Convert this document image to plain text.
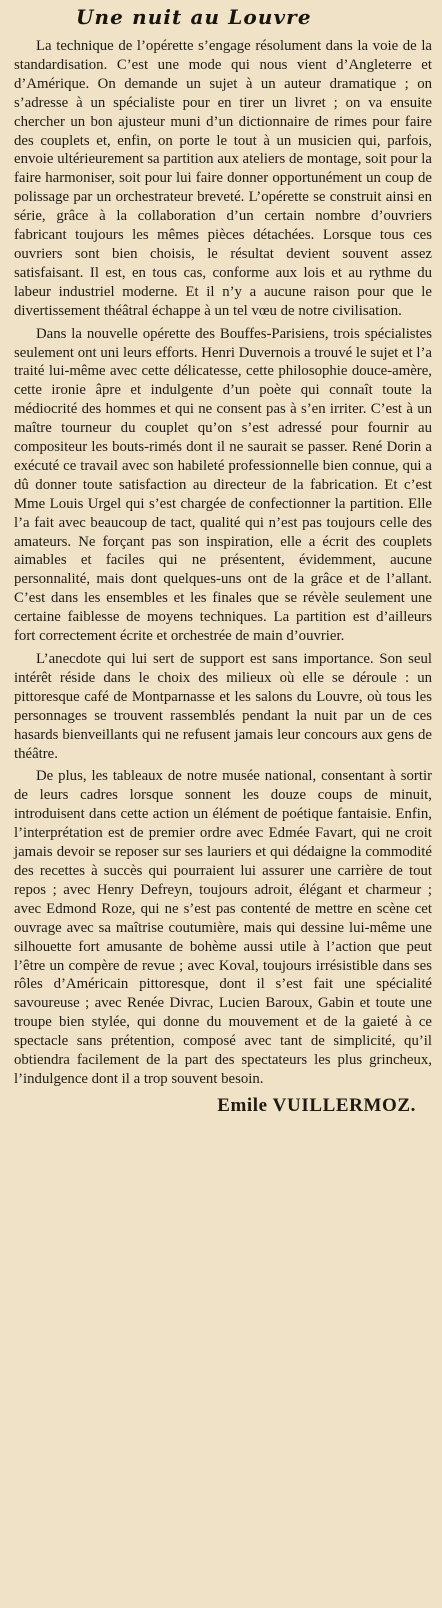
Une nuit au Louvre

La technique de l’opérette s’engage résolument dans la voie de la standardisation. C’est une mode qui nous vient d’Angleterre et d’Amérique. On demande un sujet à un auteur dramatique ; on s’adresse à un spécialiste pour en tirer un livret ; on va ensuite chercher un bon ajusteur muni d’un dictionnaire de rimes pour faire des couplets et, enfin, on porte le tout à un musicien qui, parfois, envoie ultérieurement sa partition aux ateliers de montage, soit pour la faire harmoniser, soit pour lui faire donner opportunément un coup de polissage par un orchestrateur breveté. L’opérette se construit ainsi en série, grâce à la collaboration d’un certain nombre d’ouvriers fabricant toujours les mêmes pièces détachées. Lorsque tous ces ouvriers sont bien choisis, le résultat devient souvent assez satisfaisant. Il est, en tous cas, conforme aux lois et au rythme du labeur industriel moderne. Et il n’y a aucune raison pour que le divertissement théâtral échappe à un tel vœu de notre civilisation.

Dans la nouvelle opérette des Bouffes-Parisiens, trois spécialistes seulement ont uni leurs efforts. Henri Duvernois a trouvé le sujet et l’a traité lui-même avec cette délicatesse, cette philosophie douce-amère, cette ironie âpre et indulgente d’un poète qui connaît toute la médiocrité des hommes et qui ne consent pas à s’en irriter. C’est à un maître tourneur du couplet qu’on s’est adressé pour fournir au compositeur les bouts-rimés dont il ne saurait se passer. René Dorin a exécuté ce travail avec son habileté professionnelle bien connue, qui a dû donner toute satisfaction au directeur de la fabrication. Et c’est Mme Louis Urgel qui s’est chargée de confectionner la partition. Elle l’a fait avec beaucoup de tact, qualité qui n’est pas toujours celle des amateurs. Ne forçant pas son inspiration, elle a écrit des couplets aimables et faciles qui ne présentent, évidemment, aucune personnalité, mais dont quelques-uns ont de la grâce et de l’allant. C’est dans les ensembles et les finales que se révèle seulement une certaine faiblesse de moyens techniques. La partition est d’ailleurs fort correctement écrite et orchestrée de main d’ouvrier.

L’anecdote qui lui sert de support est sans importance. Son seul intérêt réside dans le choix des milieux où elle se déroule : un pittoresque café de Montparnasse et les salons du Louvre, où tous les personnages se trouvent rassemblés pendant la nuit par un de ces hasards bienveillants qui ne refusent jamais leur concours aux gens de théâtre.

De plus, les tableaux de notre musée national, consentant à sortir de leurs cadres lorsque sonnent les douze coups de minuit, introduisent dans cette action un élément de poétique fantaisie. Enfin, l’interprétation est de premier ordre avec Edmée Favart, qui ne croit jamais devoir se reposer sur ses lauriers et qui dédaigne la commodité des recettes à succès qui pourraient lui assurer une carrière de tout repos ; avec Henry Defreyn, toujours adroit, élégant et charmeur ; avec Edmond Roze, qui ne s’est pas contenté de mettre en scène cet ouvrage avec sa maîtrise coutumière, mais qui dessine lui-même une silhouette fort amusante de bohème aussi utile à l’action que peut l’être un compère de revue ; avec Koval, toujours irrésistible dans ses rôles d’Américain pittoresque, dont il s’est fait une spécialité savoureuse ; avec Renée Divrac, Lucien Baroux, Gabin et toute une troupe bien stylée, qui donne du mouvement et de la gaieté à ce spectacle sans prétention, composé avec tant de simplicité, qu’il obtiendra facilement de la part des spectateurs les plus grincheux, l’indulgence dont il a trop souvent besoin.

Emile VUILLERMOZ.
